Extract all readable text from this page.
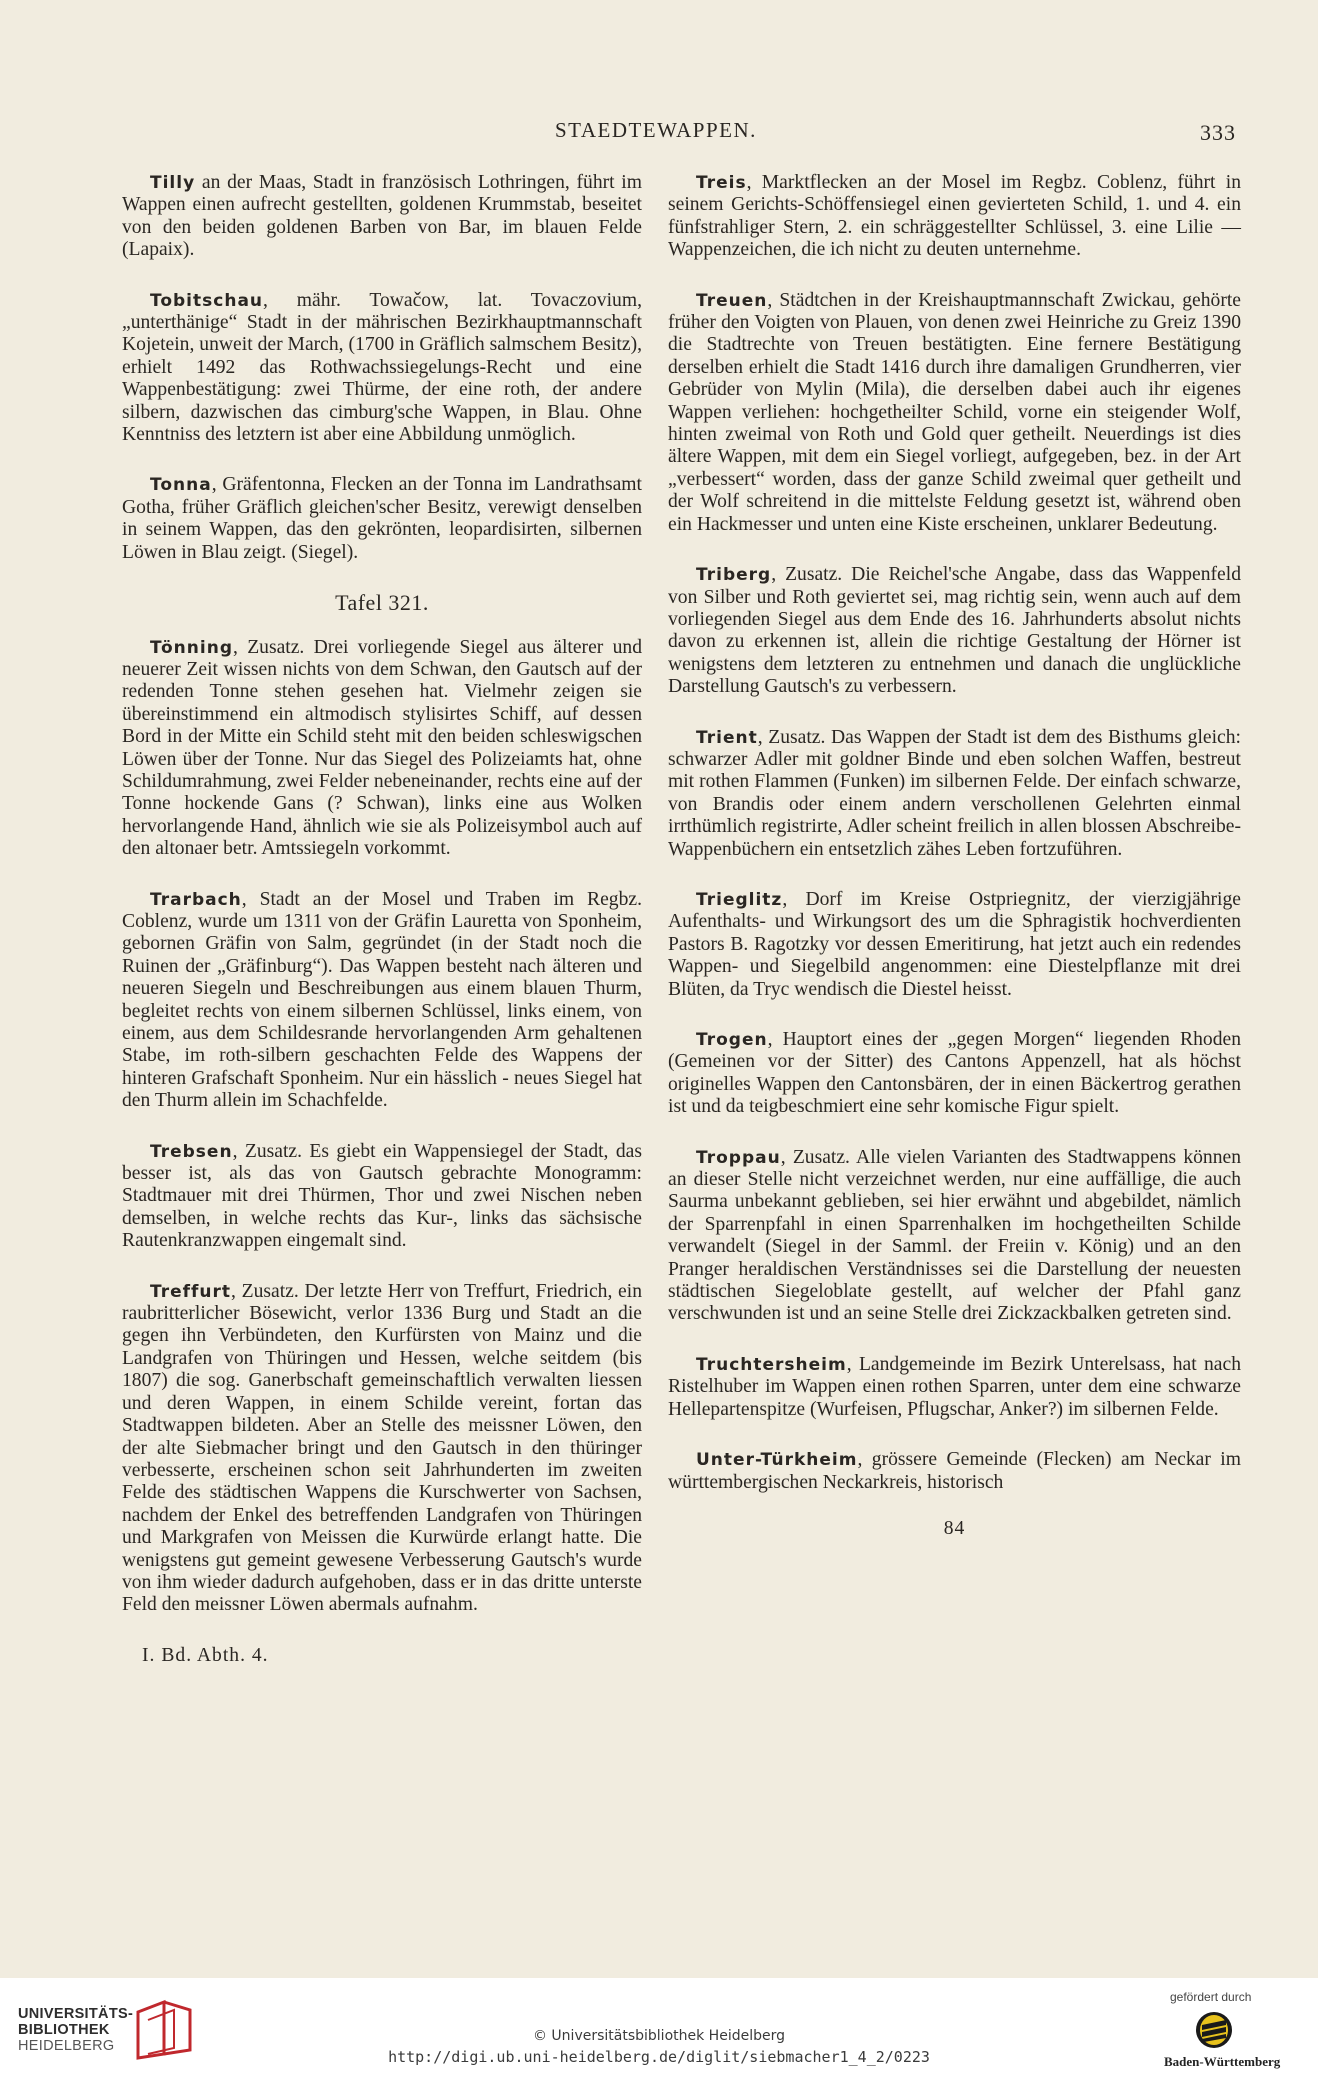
STAEDTEWAPPEN.	333

Tilly an der Maas, Stadt in französisch Lothringen, führt im Wappen einen aufrecht gestellten, goldenen Krummstab, beseitet von den beiden goldenen Barben von Bar, im blauen Felde (Lapaix).

Tobitschau, mähr. Towačow, lat. Tovaczovium, „unterthänige“ Stadt in der mährischen Bezirkhauptmannschaft Kojetein, unweit der March, (1700 in Gräflich salmschem Besitz), erhielt 1492 das Rothwachssiegelungs-Recht und eine Wappenbestätigung: zwei Thürme, der eine roth, der andere silbern, dazwischen das cimburg'sche Wappen, in Blau. Ohne Kenntniss des letztern ist aber eine Abbildung unmöglich.

Tonna, Gräfentonna, Flecken an der Tonna im Landrathsamt Gotha, früher Gräflich gleichen'scher Besitz, verewigt denselben in seinem Wappen, das den gekrönten, leopardisirten, silbernen Löwen in Blau zeigt. (Siegel).

Tafel 321.

Tönning, Zusatz. Drei vorliegende Siegel aus älterer und neuerer Zeit wissen nichts von dem Schwan, den Gautsch auf der redenden Tonne stehen gesehen hat. Vielmehr zeigen sie übereinstimmend ein altmodisch stylisirtes Schiff, auf dessen Bord in der Mitte ein Schild steht mit den beiden schleswigschen Löwen über der Tonne. Nur das Siegel des Polizeiamts hat, ohne Schildumrahmung, zwei Felder nebeneinander, rechts eine auf der Tonne hockende Gans (? Schwan), links eine aus Wolken hervorlangende Hand, ähnlich wie sie als Polizeisymbol auch auf den altonaer betr. Amtssiegeln vorkommt.

Trarbach, Stadt an der Mosel und Traben im Regbz. Coblenz, wurde um 1311 von der Gräfin Lauretta von Sponheim, gebornen Gräfin von Salm, gegründet (in der Stadt noch die Ruinen der „Gräfinburg“). Das Wappen besteht nach älteren und neueren Siegeln und Beschreibungen aus einem blauen Thurm, begleitet rechts von einem silbernen Schlüssel, links einem, von einem, aus dem Schildesrande hervorlangenden Arm gehaltenen Stabe, im roth-silbern geschachten Felde des Wappens der hinteren Grafschaft Sponheim. Nur ein hässlich - neues Siegel hat den Thurm allein im Schachfelde.

Trebsen, Zusatz. Es giebt ein Wappensiegel der Stadt, das besser ist, als das von Gautsch gebrachte Monogramm: Stadtmauer mit drei Thürmen, Thor und zwei Nischen neben demselben, in welche rechts das Kur-, links das sächsische Rautenkranzwappen eingemalt sind.

Treffurt, Zusatz. Der letzte Herr von Treffurt, Friedrich, ein raubritterlicher Bösewicht, verlor 1336 Burg und Stadt an die gegen ihn Verbündeten, den Kurfürsten von Mainz und die Landgrafen von Thüringen und Hessen, welche seitdem (bis 1807) die sog. Ganerbschaft gemeinschaftlich verwalten liessen und deren Wappen, in einem Schilde vereint, fortan das Stadtwappen bildeten. Aber an Stelle des meissner Löwen, den der alte Siebmacher bringt und den Gautsch in den thüringer verbesserte, erscheinen schon seit Jahrhunderten im zweiten Felde des städtischen Wappens die Kurschwerter von Sachsen, nachdem der Enkel des betreffenden Landgrafen von Thüringen und Markgrafen von Meissen die Kurwürde erlangt hatte. Die wenigstens gut gemeint gewesene Verbesserung Gautsch's wurde von ihm wieder dadurch aufgehoben, dass er in das dritte unterste Feld den meissner Löwen abermals aufnahm.

I. Bd. Abth. 4.

Treis, Marktflecken an der Mosel im Regbz. Coblenz, führt in seinem Gerichts-Schöffensiegel einen gevierteten Schild, 1. und 4. ein fünfstrahliger Stern, 2. ein schräggestellter Schlüssel, 3. eine Lilie — Wappenzeichen, die ich nicht zu deuten unternehme.

Treuen, Städtchen in der Kreishauptmannschaft Zwickau, gehörte früher den Voigten von Plauen, von denen zwei Heinriche zu Greiz 1390 die Stadtrechte von Treuen bestätigten. Eine fernere Bestätigung derselben erhielt die Stadt 1416 durch ihre damaligen Grundherren, vier Gebrüder von Mylin (Mila), die derselben dabei auch ihr eigenes Wappen verliehen: hochgetheilter Schild, vorne ein steigender Wolf, hinten zweimal von Roth und Gold quer getheilt. Neuerdings ist dies ältere Wappen, mit dem ein Siegel vorliegt, aufgegeben, bez. in der Art „verbessert“ worden, dass der ganze Schild zweimal quer getheilt und der Wolf schreitend in die mittelste Feldung gesetzt ist, während oben ein Hackmesser und unten eine Kiste erscheinen, unklarer Bedeutung.

Triberg, Zusatz. Die Reichel'sche Angabe, dass das Wappenfeld von Silber und Roth geviertet sei, mag richtig sein, wenn auch auf dem vorliegenden Siegel aus dem Ende des 16. Jahrhunderts absolut nichts davon zu erkennen ist, allein die richtige Gestaltung der Hörner ist wenigstens dem letzteren zu entnehmen und danach die unglückliche Darstellung Gautsch's zu verbessern.

Trient, Zusatz. Das Wappen der Stadt ist dem des Bisthums gleich: schwarzer Adler mit goldner Binde und eben solchen Waffen, bestreut mit rothen Flammen (Funken) im silbernen Felde. Der einfach schwarze, von Brandis oder einem andern verschollenen Gelehrten einmal irrthümlich registrirte, Adler scheint freilich in allen blossen Abschreibe-Wappenbüchern ein entsetzlich zähes Leben fortzuführen.

Trieglitz, Dorf im Kreise Ostpriegnitz, der vierzigjährige Aufenthalts- und Wirkungsort des um die Sphragistik hochverdienten Pastors B. Ragotzky vor dessen Emeritirung, hat jetzt auch ein redendes Wappen- und Siegelbild angenommen: eine Diestelpflanze mit drei Blüten, da Tryc wendisch die Diestel heisst.

Trogen, Hauptort eines der „gegen Morgen“ liegenden Rhoden (Gemeinen vor der Sitter) des Cantons Appenzell, hat als höchst originelles Wappen den Cantonsbären, der in einen Bäckertrog gerathen ist und da teigbeschmiert eine sehr komische Figur spielt.

Troppau, Zusatz. Alle vielen Varianten des Stadtwappens können an dieser Stelle nicht verzeichnet werden, nur eine auffällige, die auch Saurma unbekannt geblieben, sei hier erwähnt und abgebildet, nämlich der Sparrenpfahl in einen Sparrenhalken im hochgetheilten Schilde verwandelt (Siegel in der Samml. der Freiin v. König) und an den Pranger heraldischen Verständnisses sei die Darstellung der neuesten städtischen Siegeloblate gestellt, auf welcher der Pfahl ganz verschwunden ist und an seine Stelle drei Zickzackbalken getreten sind.

Truchtersheim, Landgemeinde im Bezirk Unterelsass, hat nach Ristelhuber im Wappen einen rothen Sparren, unter dem eine schwarze Hellepartenspitze (Wurfeisen, Pflugschar, Anker?) im silbernen Felde.

Unter-Türkheim, grössere Gemeinde (Flecken) am Neckar im württembergischen Neckarkreis, historisch

84
UNIVERSITÄTS-
BIBLIOTHEK
HEIDELBERG
© Universitätsbibliothek Heidelberg
http://digi.ub.uni-heidelberg.de/diglit/siebmacher1_4_2/0223
gefördert durch
Baden-Württemberg
